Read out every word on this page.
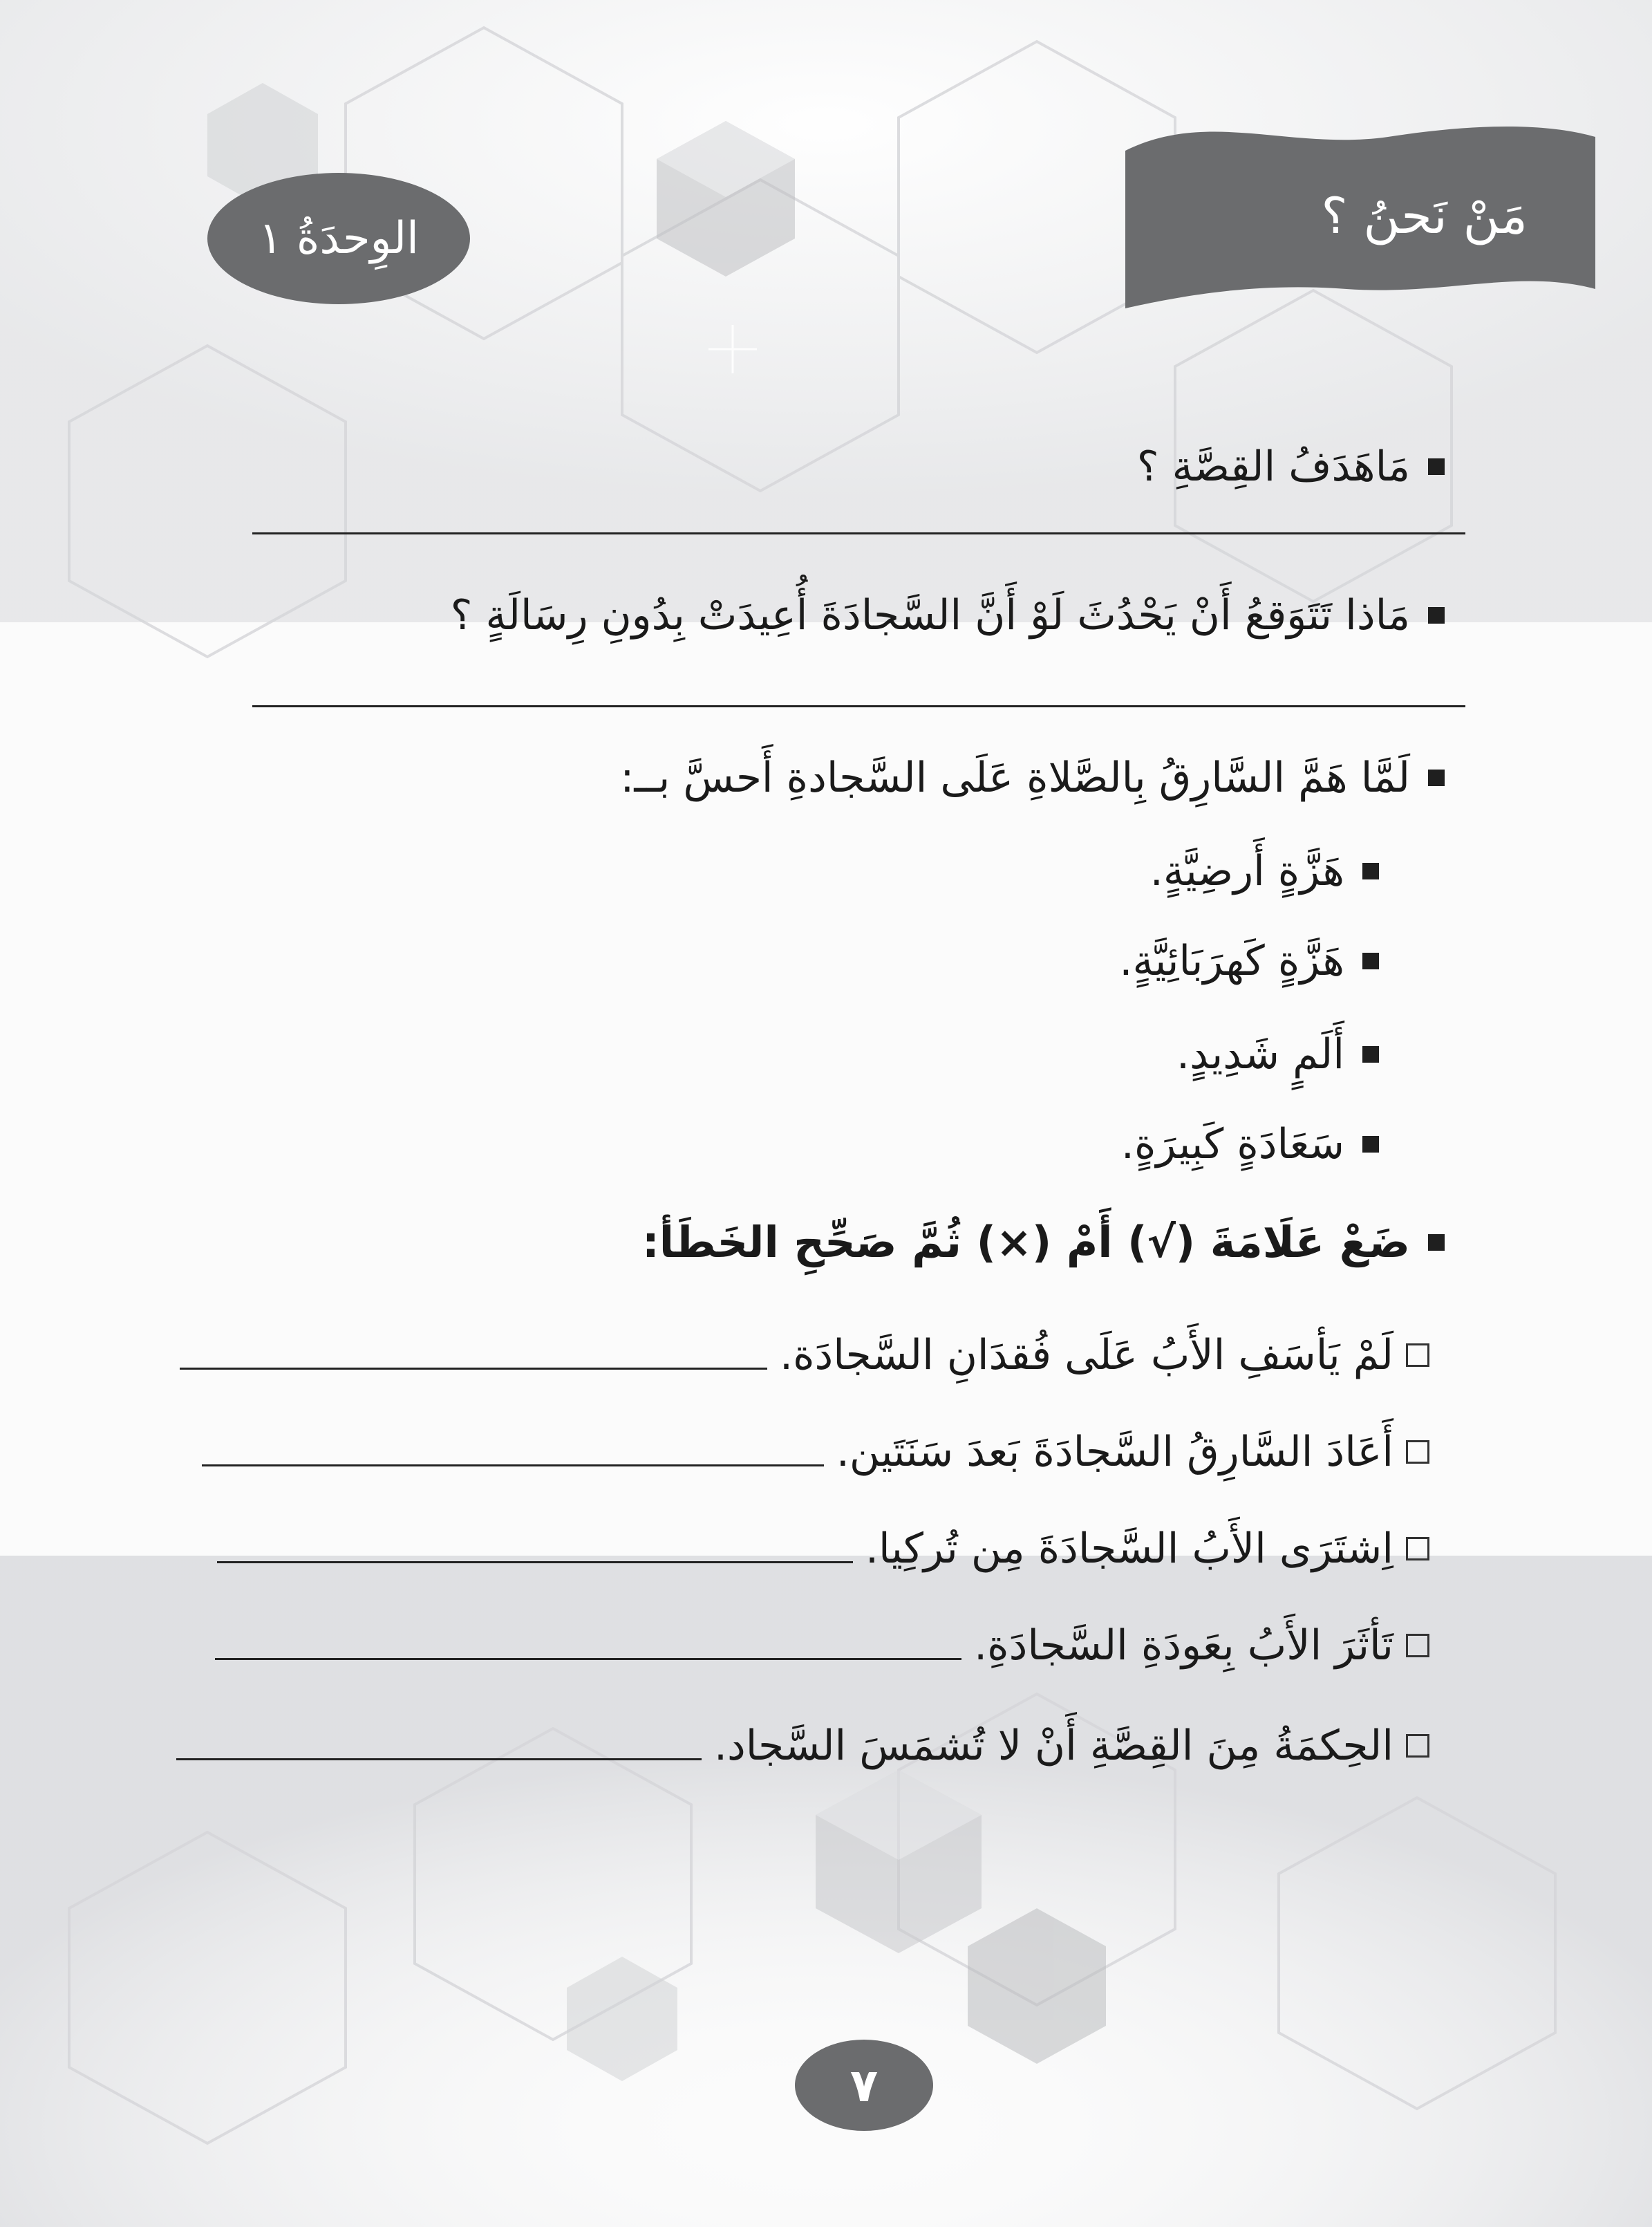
الوِحدَةُ ١	مَنْ نَحنُ ؟
مَاهَدَفُ القِصَّةِ ؟
مَاذا تَتَوَقعُ أَنْ يَحْدُثَ لَوْ أَنَّ السَّجادَةَ أُعِيدَتْ بِدُونِ رِسَالَةٍ ؟
لَمَّا هَمَّ السَّارِقُ بِالصَّلاةِ عَلَى السَّجادةِ أَحسَّ بــ:
هَزَّةٍ أَرضِيَّةٍ.
هَزَّةٍ كَهرَبَائِيَّةٍ.
أَلَمٍ شَدِيدٍ.
سَعَادَةٍ كَبِيرَةٍ.
ضَعْ عَلَامَةَ (√) أَمْ (×) ثُمَّ صَحِّحِ الخَطَأ:
لَمْ يَأسَفِ الأَبُ عَلَى فُقدَانِ السَّجادَة.
أَعَادَ السَّارِقُ السَّجادَةَ بَعدَ سَنَتَين.
اِشتَرَى الأَبُ السَّجادَةَ مِن تُركِيا.
تَأثَرَ الأَبُ بِعَودَةِ السَّجادَةِ.
الحِكمَةُ مِنَ القِصَّةِ أَنْ لا تُشمَسَ السَّجاد.
٧
